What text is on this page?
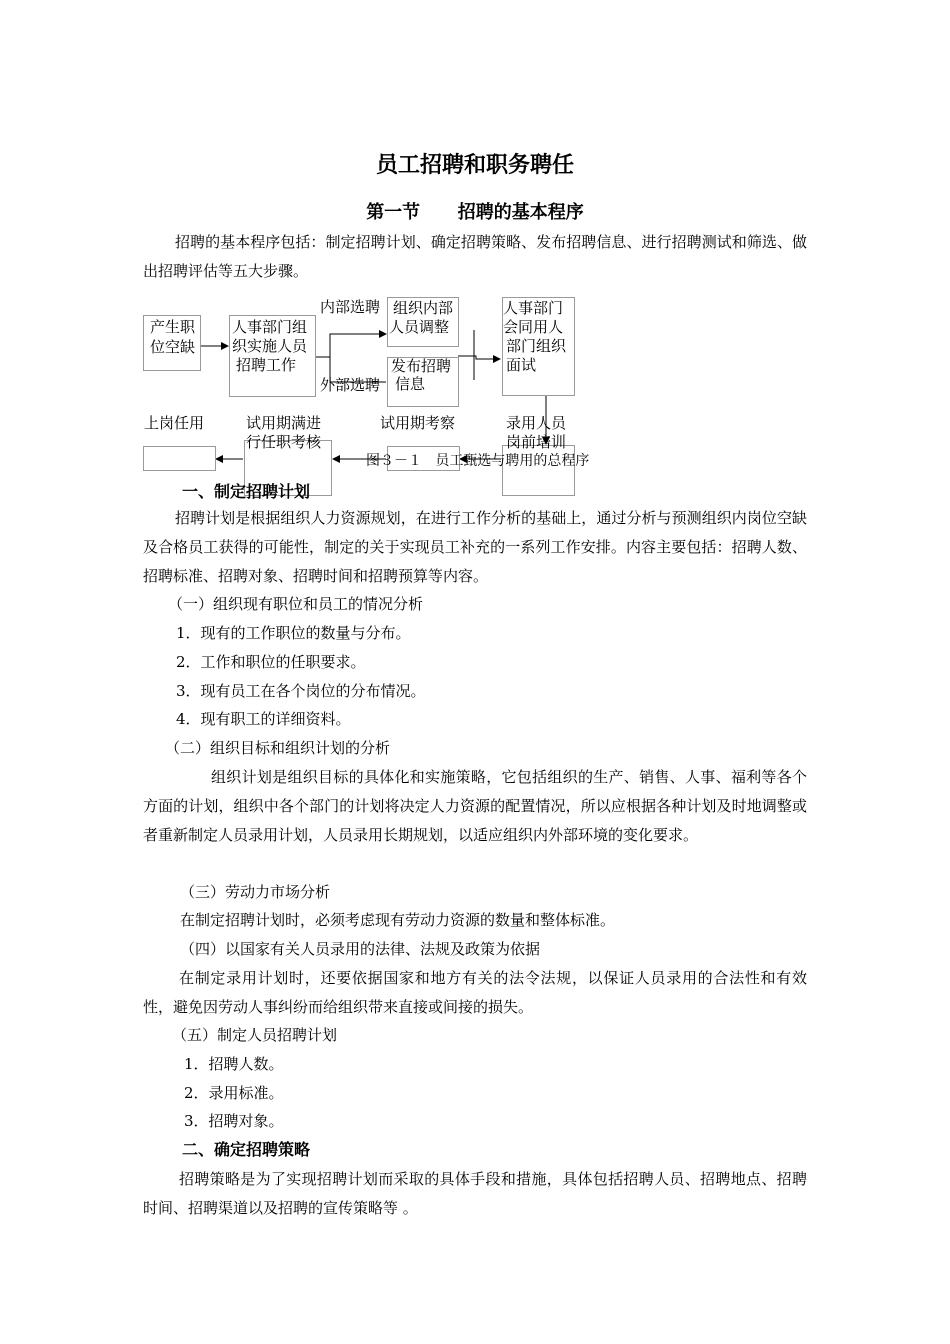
员工招聘和职务聘任
第一节      招聘的基本程序
招聘的基本程序包括：制定招聘计划、确定招聘策略、发布招聘信息、进行招聘测试和筛选、做出招聘评估等五大步骤。
产生职
位空缺
人事部门组
织实施人员
招聘工作
内部选聘
外部选聘
组织内部
人员调整
发布招聘
信息
人事部门
会同用人
部门组织
面试
上岗任用	试用期满进
行任职考核
试用期考察	录用人员
岗前培训
图３－１   员工甄选与聘用的总程序
一、制定招聘计划
招聘计划是根据组织人力资源规划，在进行工作分析的基础上，通过分析与预测组织内岗位空缺及合格员工获得的可能性，制定的关于实现员工补充的一系列工作安排。内容主要包括：招聘人数、招聘标准、招聘对象、招聘时间和招聘预算等内容。
（一）组织现有职位和员工的情况分析
1．现有的工作职位的数量与分布。
2．工作和职位的任职要求。
3．现有员工在各个岗位的分布情况。
4．现有职工的详细资料。
（二）组织目标和组织计划的分析
组织计划是组织目标的具体化和实施策略，它包括组织的生产、销售、人事、福利等各个方面的计划，组织中各个部门的计划将决定人力资源的配置情况，所以应根据各种计划及时地调整或者重新制定人员录用计划，人员录用长期规划，以适应组织内外部环境的变化要求。
（三）劳动力市场分析
在制定招聘计划时，必须考虑现有劳动力资源的数量和整体标准。
（四）以国家有关人员录用的法律、法规及政策为依据
在制定录用计划时，还要依据国家和地方有关的法令法规，以保证人员录用的合法性和有效性，避免因劳动人事纠纷而给组织带来直接或间接的损失。
（五）制定人员招聘计划
1．招聘人数。
2．录用标准。
3．招聘对象。
二、确定招聘策略
招聘策略是为了实现招聘计划而采取的具体手段和措施，具体包括招聘人员、招聘地点、招聘时间、招聘渠道以及招聘的宣传策略等 。
